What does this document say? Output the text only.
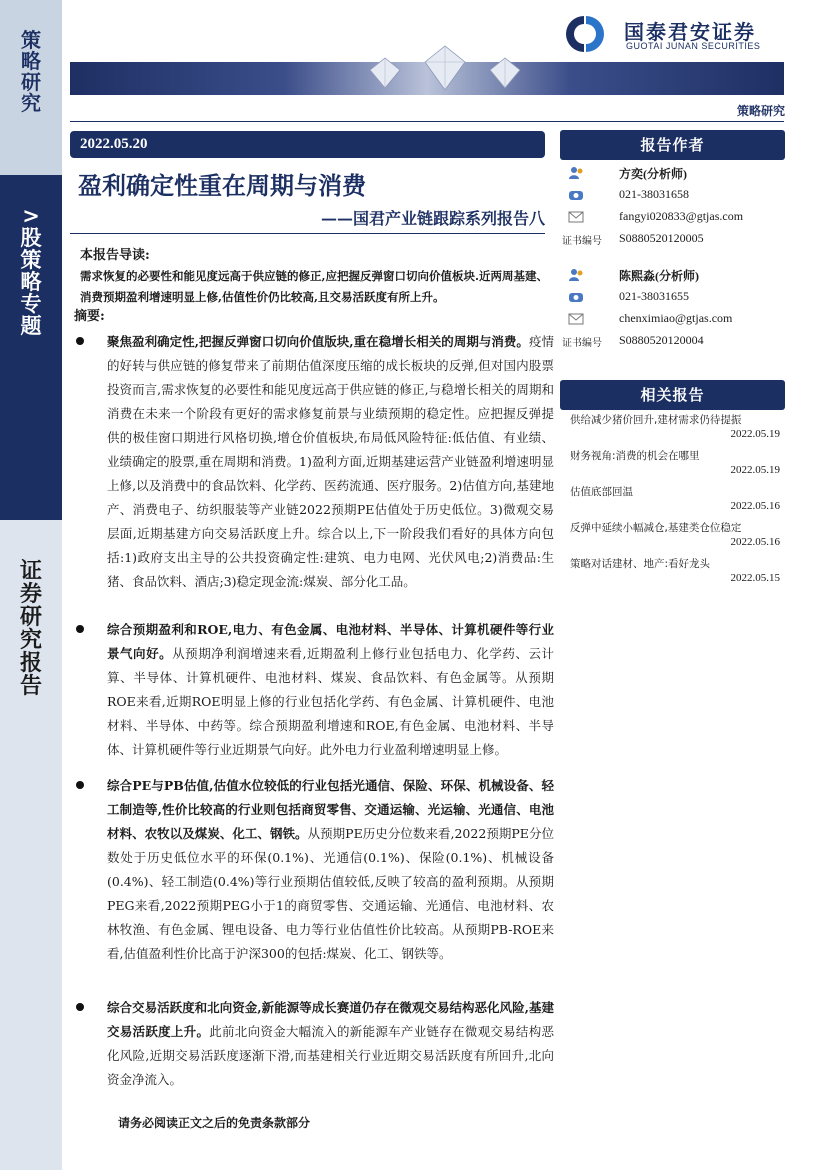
策
略
研
究
>
股
策
略
专
题
证
券
研
究
报
告
国泰君安证券
GUOTAI JUNAN SECURITIES
策略研究
2022.05.20
盈利确定性重在周期与消费
——国君产业链跟踪系列报告八
本报告导读:
需求恢复的必要性和能见度远高于供应链的修正,应把握反弹窗口切向价值板块.近两周基建、消费预期盈利增速明显上修,估值性价仍比较高,且交易活跃度有所上升。
摘要:
聚焦盈利确定性,把握反弹窗口切向价值版块,重在稳增长相关的周期与消费。疫情的好转与供应链的修复带来了前期估值深度压缩的成长板块的反弹,但对国内股票投资而言,需求恢复的必要性和能见度远高于供应链的修正,与稳增长相关的周期和消费在未来一个阶段有更好的需求修复前景与业绩预期的稳定性。应把握反弹提供的极佳窗口期进行风格切换,增仓价值板块,布局低风险特征:低估值、有业绩、业绩确定的股票,重在周期和消费。1)盈利方面,近期基建运营产业链盈利增速明显上修,以及消费中的食品饮料、化学药、医药流通、医疗服务。2)估值方向,基建地产、消费电子、纺织服装等产业链2022预期PE估值处于历史低位。3)微观交易层面,近期基建方向交易活跃度上升。综合以上,下一阶段我们看好的具体方向包括:1)政府支出主导的公共投资确定性:建筑、电力电网、光伏风电;2)消费品:生猪、食品饮料、酒店;3)稳定现金流:煤炭、部分化工品。
综合预期盈利和ROE,电力、有色金属、电池材料、半导体、计算机硬件等行业景气向好。从预期净利润增速来看,近期盈利上修行业包括电力、化学药、云计算、半导体、计算机硬件、电池材料、煤炭、食品饮料、有色金属等。从预期ROE来看,近期ROE明显上修的行业包括化学药、有色金属、计算机硬件、电池材料、半导体、中药等。综合预期盈利增速和ROE,有色金属、电池材料、半导体、计算机硬件等行业近期景气向好。此外电力行业盈利增速明显上修。
综合PE与PB估值,估值水位较低的行业包括光通信、保险、环保、机械设备、轻工制造等,性价比较高的行业则包括商贸零售、交通运输、光运输、光通信、电池材料、农牧以及煤炭、化工、钢铁。从预期PE历史分位数来看,2022预期PE分位数处于历史低位水平的环保(0.1%)、光通信(0.1%)、保险(0.1%)、机械设备(0.4%)、轻工制造(0.4%)等行业预期估值较低,反映了较高的盈利预期。从预期PEG来看,2022预期PEG小于1的商贸零售、交通运输、光通信、电池材料、农林牧渔、有色金属、锂电设备、电力等行业估值性价比较高。从预期PB-ROE来看,估值盈利性价比高于沪深300的包括:煤炭、化工、钢铁等。
综合交易活跃度和北向资金,新能源等成长赛道仍存在微观交易结构恶化风险,基建交易活跃度上升。此前北向资金大幅流入的新能源车产业链存在微观交易结构恶化风险,近期交易活跃度逐渐下滑,而基建相关行业近期交易活跃度有所回升,北向资金净流入。
请务必阅读正文之后的免责条款部分
报告作者
方奕(分析师)
021-38031658
fangyi020833@gtjas.com
证书编号 S0880520120005
陈熙淼(分析师)
021-38031655
chenximiao@gtjas.com
证书编号 S0880520120004
相关报告
供给减少猪价回升,建材需求仍待提振
2022.05.19
财务视角:消费的机会在哪里
2022.05.19
估值底部回温
2022.05.16
反弹中延续小幅减仓,基建类仓位稳定
2022.05.16
策略对话建材、地产:看好龙头
2022.05.15
